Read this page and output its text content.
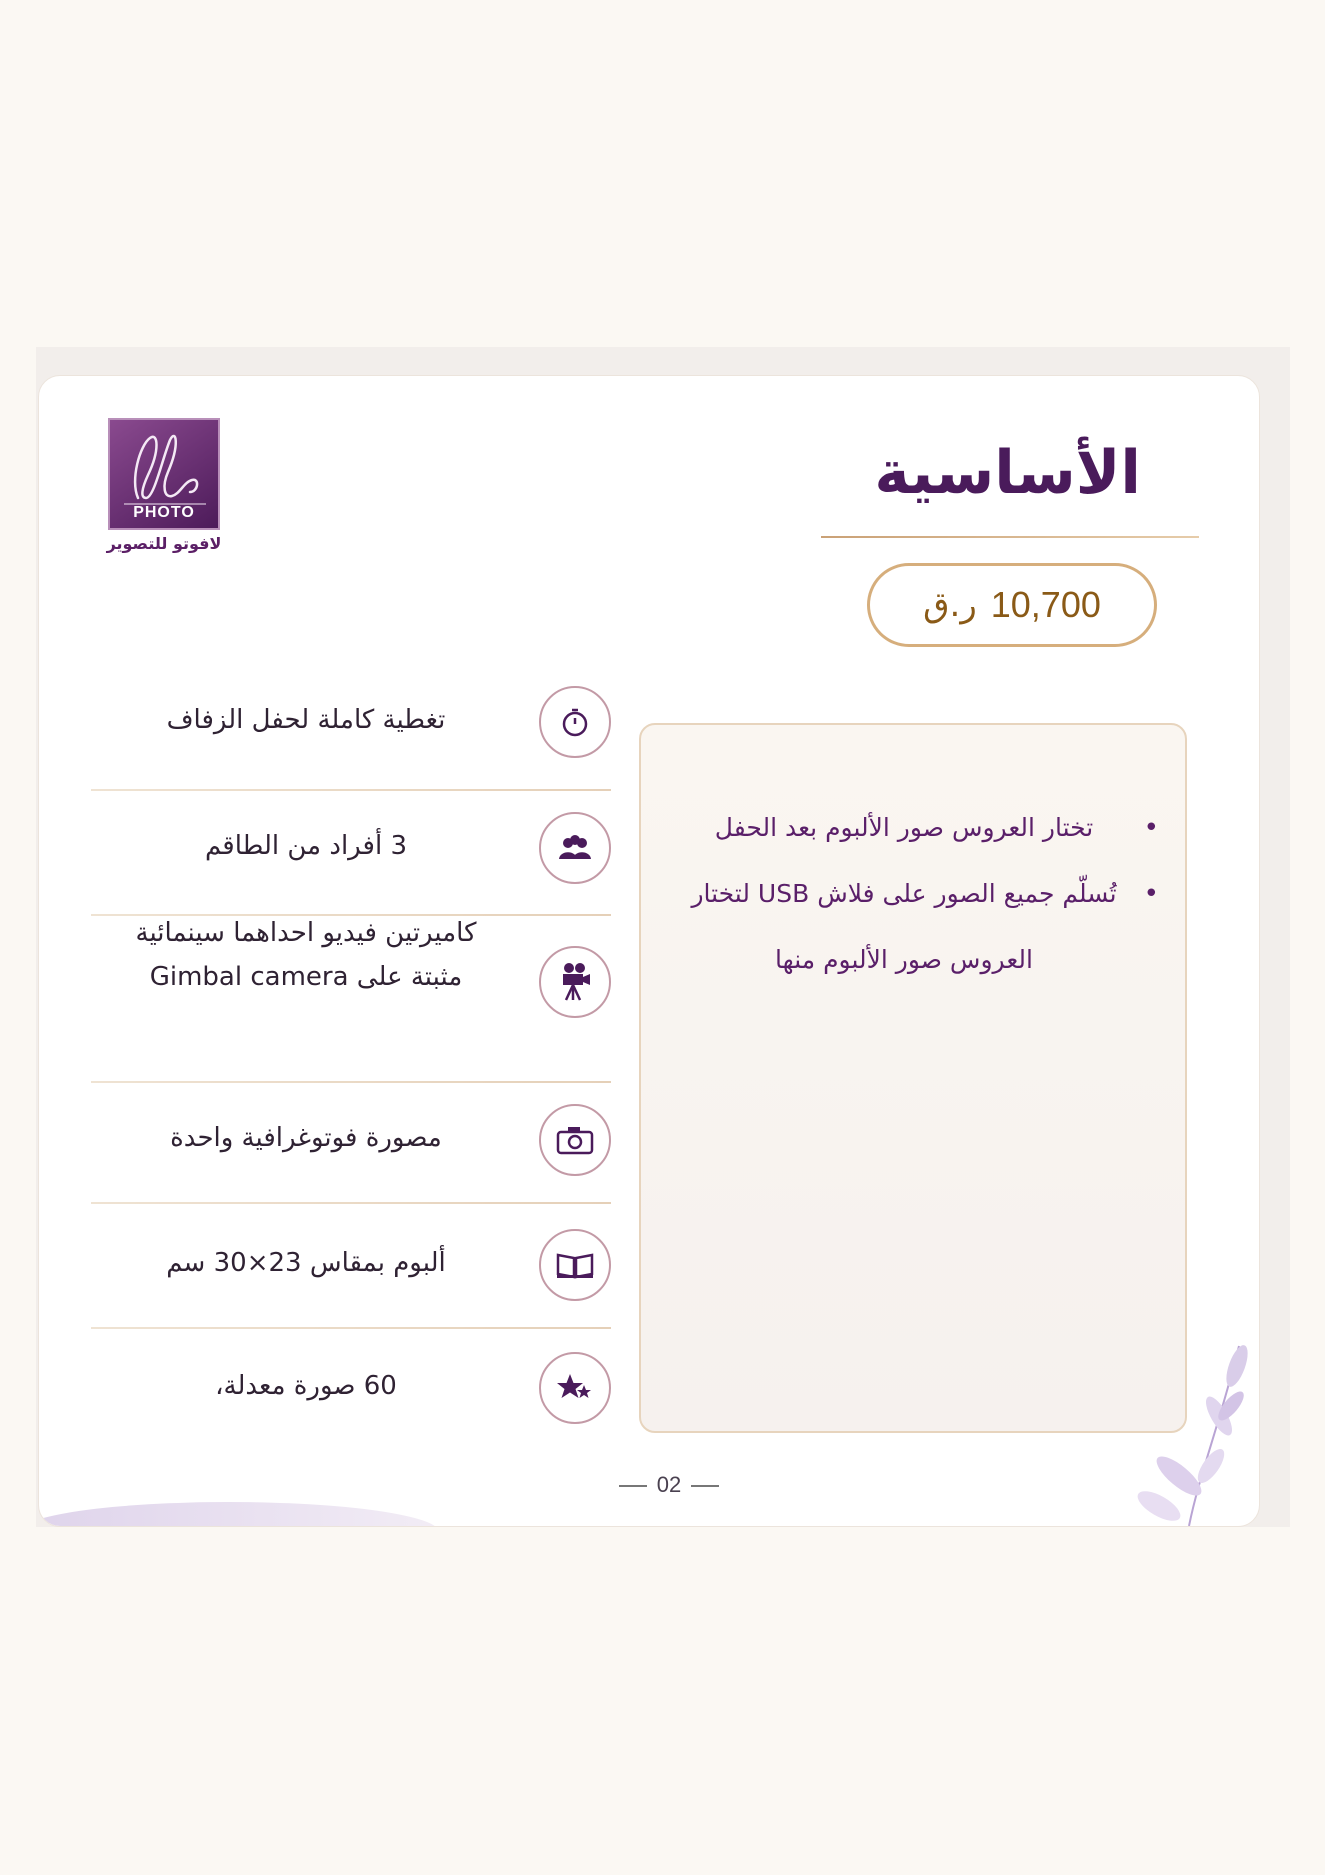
PHOTO
لافوتو للتصوير
الأساسية
10,700
ر.ق
• تختار العروس صور الألبوم بعد الحفل
• تُسلّم جميع الصور على فلاش USB لتختار العروس صور الألبوم منها
تغطية كاملة لحفل الزفاف
3 أفراد من الطاقم
كاميرتين فيديو احداهما سينمائية مثبتة على Gimbal camera
مصورة فوتوغرافية واحدة
ألبوم بمقاس 23×30 سم
60 صورة معدلة،
02
